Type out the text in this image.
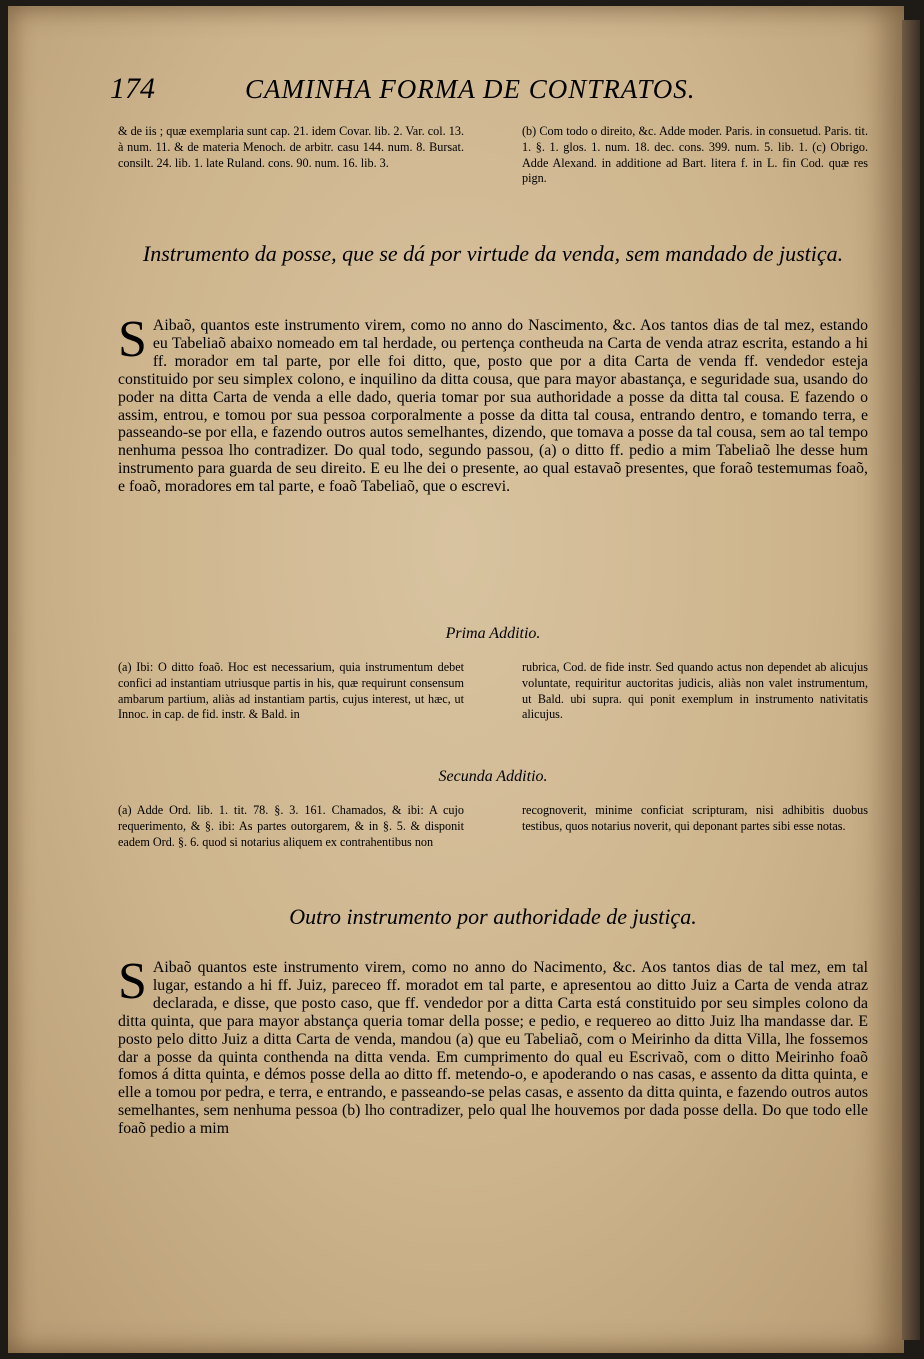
174	CAMINHA FORMA DE CONTRATOS.
& de iis ; quæ exemplaria sunt cap. 21. idem Covar. lib. 2. Var. col. 13. à num. 11. & de materia Menoch. de arbitr. casu 144. num. 8. Bursat. consilt. 24. lib. 1. late Ruland. cons. 90. num. 16. lib. 3.
(b) Com todo o direito, &c. Adde moder. Paris. in consuetud. Paris. tit. 1. §. 1. glos. 1. num. 18. dec. cons. 399. num. 5. lib. 1. (c) Obrigo. Adde Alexand. in additione ad Bart. litera f. in L. fin Cod. quæ res pign.
Instrumento da posse, que se dá por virtude da venda, sem mandado de justiça.
S Aibaõ, quantos este instrumento virem, como no anno do Nascimento, &c. Aos tantos dias de tal mez, estando eu Tabeliaõ abaixo nomeado em tal herdade, ou pertença contheuda na Carta de venda atraz escrita, estando a hi ff. morador em tal parte, por elle foi ditto, que, posto que por a dita Carta de venda ff. vendedor esteja constituido por seu simplex colono, e inquilino da ditta cousa, que para mayor abastança, e seguridade sua, usando do poder na ditta Carta de venda a elle dado, queria tomar por sua authoridade a posse da ditta tal cousa. E fazendo o assim, entrou, e tomou por sua pessoa corporalmente a posse da ditta tal cousa, entrando dentro, e tomando terra, e passeando-se por ella, e fazendo outros autos semelhantes, dizendo, que tomava a posse da tal cousa, sem ao tal tempo nenhuma pessoa lho contradizer. Do qual todo, segundo passou, (a) o ditto ff. pedio a mim Tabeliaõ lhe desse hum instrumento para guarda de seu direito. E eu lhe dei o presente, ao qual estavaõ presentes, que foraõ testemumas foaõ, e foaõ, moradores em tal parte, e foaõ Tabeliaõ, que o escrevi.
Prima Additio.
(a) Ibi: O ditto foaõ. Hoc est necessarium, quia instrumentum debet confici ad instantiam utriusque partis in his, quæ requirunt consensum ambarum partium, aliàs ad instantiam partis, cujus interest, ut hæc, ut Innoc. in cap. de fid. instr. & Bald. in
rubrica, Cod. de fide instr. Sed quando actus non dependet ab alicujus voluntate, requiritur auctoritas judicis, aliàs non valet instrumentum, ut Bald. ubi supra. qui ponit exemplum in instrumento nativitatis alicujus.
Secunda Additio.
(a) Adde Ord. lib. 1. tit. 78. §. 3. 161. Chamados, & ibi: A cujo requerimento, & §. ibi: As partes outorgarem, & in §. 5. & disponit eadem Ord. §. 6. quod si notarius aliquem ex contrahentibus non
recognoverit, minime conficiat scripturam, nisi adhibitis duobus testibus, quos notarius noverit, qui deponant partes sibi esse notas.
Outro instrumento por authoridade de justiça.
S Aibaõ quantos este instrumento virem, como no anno do Nacimento, &c. Aos tantos dias de tal mez, em tal lugar, estando a hi ff. Juiz, pareceo ff. moradot em tal parte, e apresentou ao ditto Juiz a Carta de venda atraz declarada, e disse, que posto caso, que ff. vendedor por a ditta Carta está constituido por seu simples colono da ditta quinta, que para mayor abstança queria tomar della posse; e pedio, e requereo ao ditto Juiz lha mandasse dar. E posto pelo ditto Juiz a ditta Carta de venda, mandou (a) que eu Tabeliaõ, com o Meirinho da ditta Villa, lhe fossemos dar a posse da quinta conthenda na ditta venda. Em cumprimento do qual eu Escrivaõ, com o ditto Meirinho foaõ fomos á ditta quinta, e démos posse della ao ditto ff. metendo-o, e apoderando o nas casas, e assento da ditta quinta, e elle a tomou por pedra, e terra, e entrando, e passeando-se pelas casas, e assento da ditta quinta, e fazendo outros autos semelhantes, sem nenhuma pessoa (b) lho contradizer, pelo qual lhe houvemos por dada posse della. Do que todo elle foaõ pedio a mim
